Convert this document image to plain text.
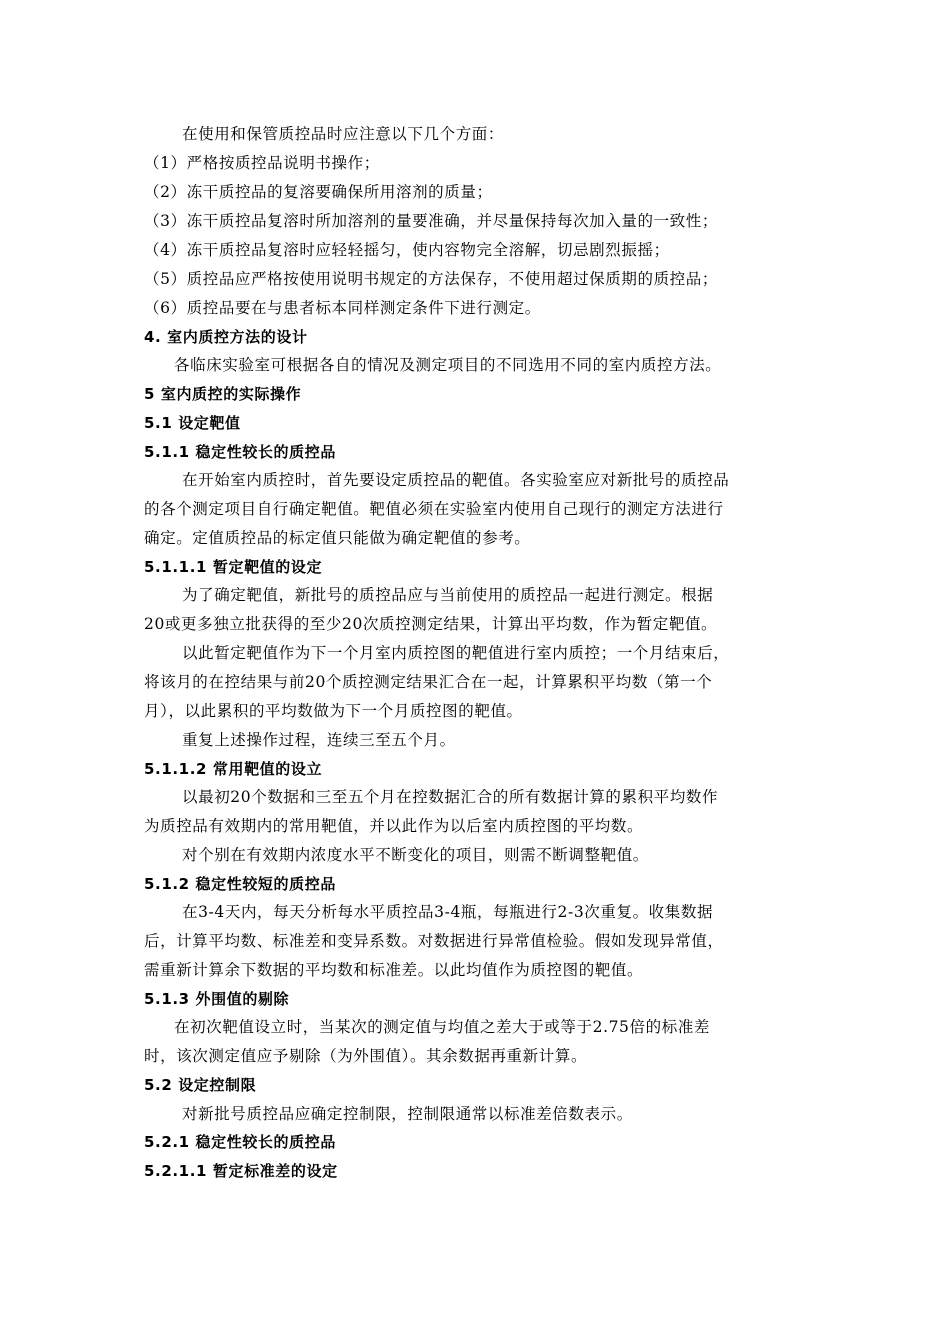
在使用和保管质控品时应注意以下几个方面：
（1）严格按质控品说明书操作；
（2）冻干质控品的复溶要确保所用溶剂的质量；
（3）冻干质控品复溶时所加溶剂的量要准确，并尽量保持每次加入量的一致性；
（4）冻干质控品复溶时应轻轻摇匀，使内容物完全溶解，切忌剧烈振摇；
（5）质控品应严格按使用说明书规定的方法保存，不使用超过保质期的质控品；
（6）质控品要在与患者标本同样测定条件下进行测定。
4. 室内质控方法的设计
各临床实验室可根据各自的情况及测定项目的不同选用不同的室内质控方法。
5 室内质控的实际操作
5.1 设定靶值
5.1.1 稳定性较长的质控品
在开始室内质控时，首先要设定质控品的靶值。各实验室应对新批号的质控品
的各个测定项目自行确定靶值。靶值必须在实验室内使用自己现行的测定方法进行
确定。定值质控品的标定值只能做为确定靶值的参考。
5.1.1.1 暂定靶值的设定
为了确定靶值，新批号的质控品应与当前使用的质控品一起进行测定。根据
20或更多独立批获得的至少20次质控测定结果，计算出平均数，作为暂定靶值。
以此暂定靶值作为下一个月室内质控图的靶值进行室内质控；一个月结束后，
将该月的在控结果与前20个质控测定结果汇合在一起，计算累积平均数（第一个
月），以此累积的平均数做为下一个月质控图的靶值。
重复上述操作过程，连续三至五个月。
5.1.1.2 常用靶值的设立
以最初20个数据和三至五个月在控数据汇合的所有数据计算的累积平均数作
为质控品有效期内的常用靶值，并以此作为以后室内质控图的平均数。
对个别在有效期内浓度水平不断变化的项目，则需不断调整靶值。
5.1.2 稳定性较短的质控品
在3-4天内，每天分析每水平质控品3-4瓶，每瓶进行2-3次重复。收集数据
后，计算平均数、标准差和变异系数。对数据进行异常值检验。假如发现异常值，
需重新计算余下数据的平均数和标准差。以此均值作为质控图的靶值。
5.1.3 外围值的剔除
在初次靶值设立时，当某次的测定值与均值之差大于或等于2.75倍的标准差
时，该次测定值应予剔除（为外围值）。其余数据再重新计算。
5.2 设定控制限
对新批号质控品应确定控制限，控制限通常以标准差倍数表示。
5.2.1 稳定性较长的质控品
5.2.1.1 暂定标准差的设定
